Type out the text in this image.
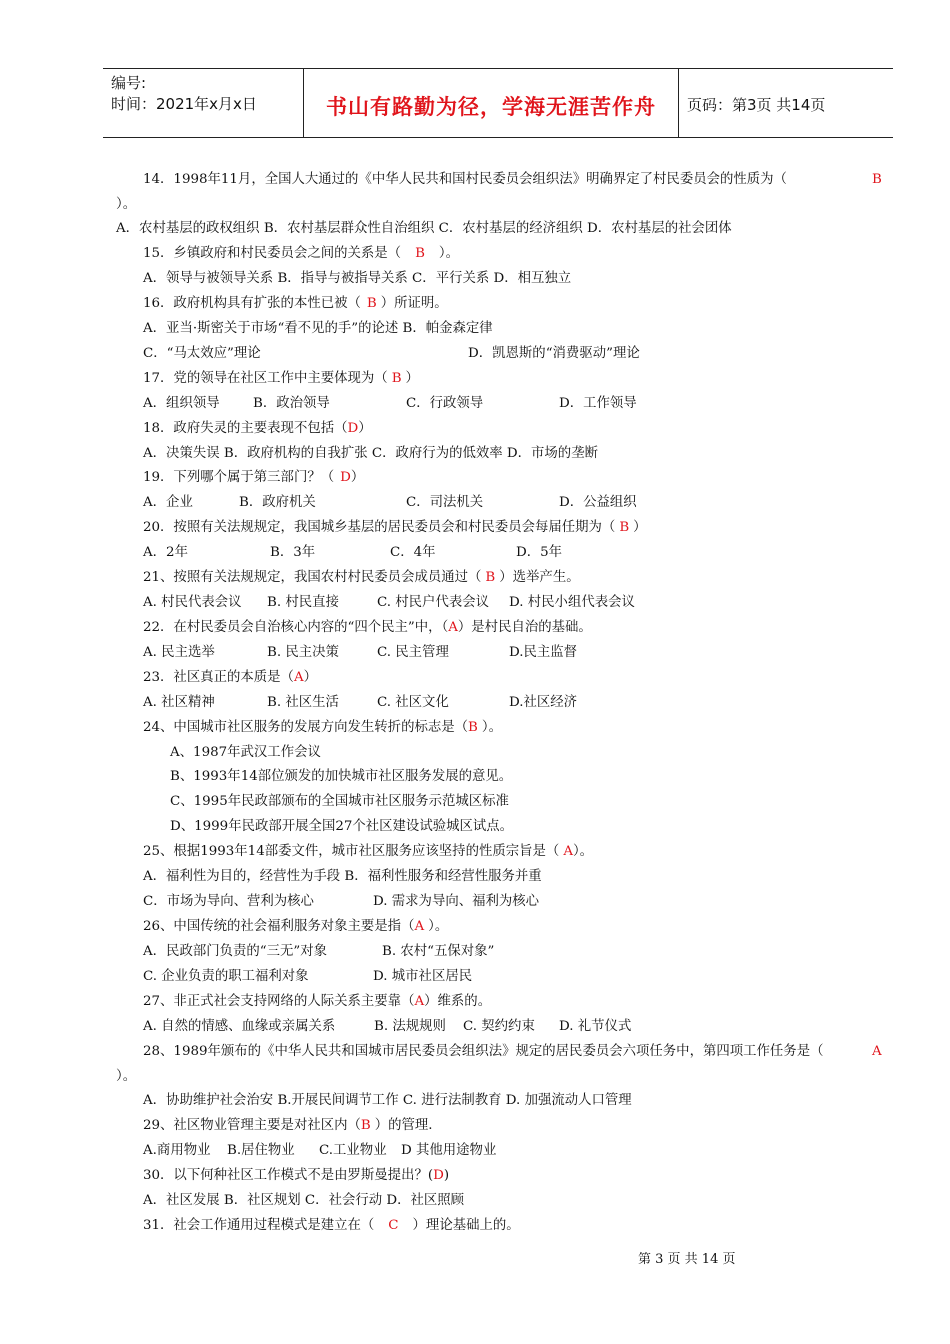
编号:
时间：2021年x月x日	书山有路勤为径，学海无涯苦作舟	页码：第3页 共14页
14．1998年11月，全国人大通过的《中华人民共和国村民委员会组织法》明确界定了村民委员会的性质为（	B
）。
A．农村基层的政权组织 B．农村基层群众性自治组织 C．农村基层的经济组织 D．农村基层的社会团体
15．乡镇政府和村民委员会之间的关系是（ B ）。
A．领导与被领导关系 B．指导与被指导关系 C．平行关系 D．相互独立
16．政府机构具有扩张的本性已被（ B ）所证明。
A．亚当·斯密关于市场“看不见的手”的论述 B．帕金森定律
C．“马太效应”理论	D．凯恩斯的“消费驱动”理论
17．党的领导在社区工作中主要体现为（ B ）
A．组织领导 B．政治领导	C．行政领导	D．工作领导
18．政府失灵的主要表现不包括（D）
A．决策失误 B．政府机构的自我扩张 C．政府行为的低效率 D．市场的垄断
19．下列哪个属于第三部门？（ D）
A．企业	B．政府机关	C．司法机关	D．公益组织
20．按照有关法规规定，我国城乡基层的居民委员会和村民委员会每届任期为（ B ）
A．2年	B．3年	C．4年	D．5年
21、按照有关法规规定，我国农村村民委员会成员通过（ B ）选举产生。
A. 村民代表会议 B. 村民直接	C. 村民户代表会议 D. 村民小组代表会议
22．在村民委员会自治核心内容的“四个民主”中，（A）是村民自治的基础。
A. 民主选举	B. 民主决策	C. 民主管理	D.民主监督
23．社区真正的本质是（A）
A. 社区精神	B. 社区生活	C. 社区文化	D.社区经济
24、中国城市社区服务的发展方向发生转折的标志是（B ）。
A、1987年武汉工作会议
B、1993年14部位颁发的加快城市社区服务发展的意见。
C、1995年民政部颁布的全国城市社区服务示范城区标准
D、1999年民政部开展全国27个社区建设试验城区试点。
25、根据1993年14部委文件，城市社区服务应该坚持的性质宗旨是（ A）。
A．福利性为目的，经营性为手段 B．福利性服务和经营性服务并重
C．市场为导向、营利为核心	D. 需求为导向、福利为核心
26、中国传统的社会福利服务对象主要是指（A ）。
A．民政部门负责的“三无”对象	B. 农村“五保对象”
C. 企业负责的职工福利对象	D. 城市社区居民
27、非正式社会支持网络的人际关系主要靠（A）维系的。
A. 自然的情感、血缘或亲属关系	B. 法规规则 C. 契约约束 D. 礼节仪式
28、1989年颁布的《中华人民共和国城市居民委员会组织法》规定的居民委员会六项任务中，第四项工作任务是（	A
）。
A．协助维护社会治安 B.开展民间调节工作 C. 进行法制教育 D. 加强流动人口管理
29、社区物业管理主要是对社区内（B ）的管理.
A.商用物业 B.居住物业 C.工业物业 D 其他用途物业
30．以下何种社区工作模式不是由罗斯曼提出？(D)
A．社区发展 B．社区规划 C．社会行动 D．社区照顾
31．社会工作通用过程模式是建立在（ C ）理论基础上的。
第 3 页 共 14 页
